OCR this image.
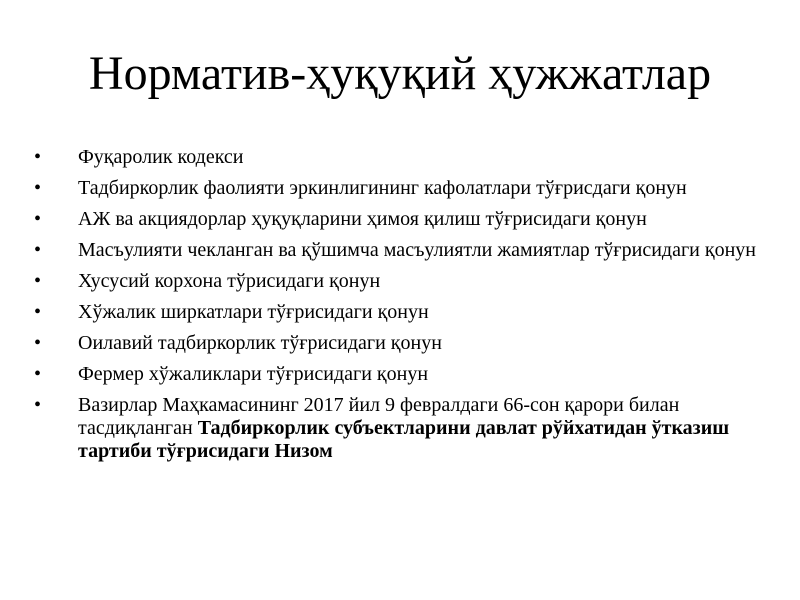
Норматив-ҳуқуқий ҳужжатлар
•	Фуқаролик кодекси
•	Тадбиркорлик фаолияти эркинлигининг кафолатлари тўғрисдаги қонун
•	АЖ ва акциядорлар ҳуқуқларини ҳимоя қилиш тўғрисидаги қонун
•	Масъулияти чекланган ва қўшимча масъулиятли жамиятлар тўғрисидаги қонун
•	Хусусий корхона тўрисидаги қонун
•	Хўжалик ширкатлари тўғрисидаги қонун
•	Оилавий тадбиркорлик тўғрисидаги қонун
•	Фермер хўжаликлари тўғрисидаги қонун
•	Вазирлар Маҳкамасининг 2017 йил 9 февралдаги 66-сон қарори билан тасдиқланган Тадбиркорлик субъектларини давлат рўйхатидан ўтказиш тартиби тўғрисидаги Низом
